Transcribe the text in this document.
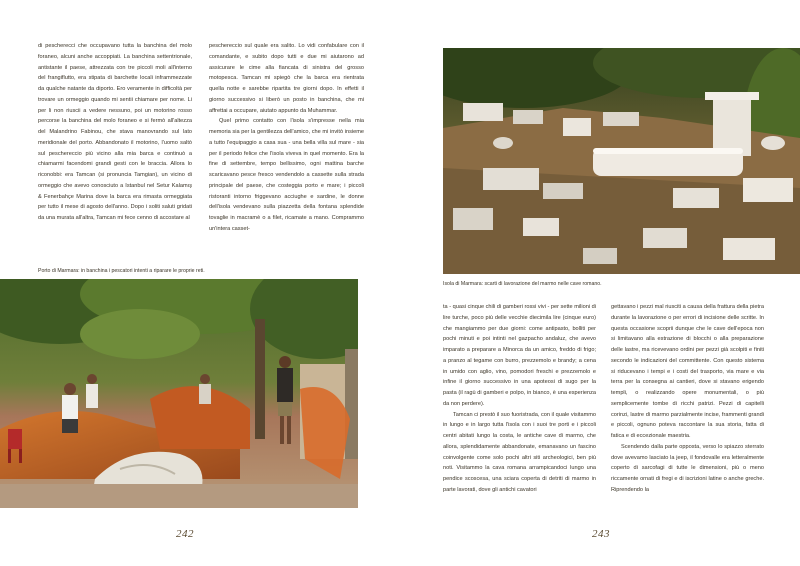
di pescherecci che occupavano tutta la banchina del molo foraneo, alcuni anche accoppiati. La banchina settentrionale, antistante il paese, attrezzata con tre piccoli moli all'interno del frangiflutto, era stipata di barchette locali inframmezzate da qualche natante da diporto. Ero veramente in difficoltà per trovare un ormeggio quando mi sentii chiamare per nome. Li per li non riuscii a vedere nessuno, poi un motorino rosso percorse la banchina del molo foraneo e si fermò all'altezza del Malandrino Fabinou, che stava manovrando sul lato meridionale del porto. Abbandonato il motorino, l'uomo saltò sul peschereccio più vicino alla mia barca e continuò a chiamarmi facendomi grandi gesti con le braccia. Allora lo riconobbi: era Tamcan (si pronuncia Tamgian), un vicino di ormeggio che avevo conosciuto a Istanbul nel Setur Kalamış & Fenerbahçe Marina dove la barca era rimasta ormeggiata per tutto il mese di agosto dell'anno. Dopo i soliti saluti gridati da una murata all'altra, Tamcan mi fece cenno di accostare al

peschereccio sul quale era salito. Lo vidi confabulare con il comandante, e subito dopo tutti e due mi aiutarono ad assicurare le cime alla fiancata di sinistra del grosso motopesca. Tamcan mi spiegò che la barca era rientrata quella notte e sarebbe ripartita tre giorni dopo. In effetti il giorno successivo si liberò un posto in banchina, che mi affrettai a occupare, aiutato appunto da Muhammar.

Quel primo contatto con l'isola s'impresse nella mia memoria sia per la gentilezza dell'amico, che mi invitò insieme a tutto l'equipaggio a casa sua - una bella villa sul mare - sia per il periodo felice che l'isola viveva in quel momento. Era la fine di settembre, tempo bellissimo, ogni mattina barche scaricavano pesce fresco vendendolo a cassette sulla strada principale del paese, che costeggia porto e mare; i piccoli ristoranti intorno friggevano acciughe e sardine, le donne dell'isola vendevano sulla piazzetta della fontana splendide tovaglie in macramè o a filet, ricamate a mano. Comprammo un'intera casset-

Porto di Marmara: in banchina i pescatori intenti a riparare le proprie reti.
242
Isola di Marmara: scarti di lavorazione del marmo nelle cave romano.

ta - quasi cinque chili di gamberi rossi vivi - per sette milioni di lire turche, poco più delle vecchie diecimila lire (cinque euro) che mangiammo per due giorni: come antipasto, bolliti per pochi minuti e poi intinti nel gazpacho andaluz, che avevo imparato a preparare a Minorca da un amico, freddo di frigo; a pranzo al tegame con burro, prezzemolo e brandy; a cena in umido con aglio, vino, pomodori freschi e prezzemolo e infine il giorno successivo in una apoteosi di sugo per la pasta (il ragù di gamberi e polpo, in bianco, è una esperienza da non perdere).

Tamcan ci prestò il suo fuoristrada, con il quale visitammo in lungo e in largo tutta l'isola con i suoi tre porti e i piccoli centri abitati lungo la costa, le antiche cave di marmo, che allora, splendidamente abbandonate, emanavano un fascino coinvolgente come solo pochi altri siti archeologici, ben più noti. Visitammo la cava romana arrampicandoci lungo una pendice scoscesa, una sciara coperta di detriti di marmo in parte lavorati, dove gli antichi cavatori

gettavano i pezzi mal riusciti a causa della frattura della pietra durante la lavorazione o per errori di incisione delle scritte. In questa occasione scoprii dunque che le cave dell'epoca non si limitavano alla estrazione di blocchi o alla preparazione delle lastre, ma ricevevano ordini per pezzi già scolpiti e finiti secondo le indicazioni del committente. Con questo sistema si riducevano i tempi e i costi del trasporto, via mare e via terra per la consegna ai cantieri, dove si stavano erigendo templi, o realizzando opere monumentali, o più semplicemente tombe di ricchi patrizi. Pezzi di capitelli corinzi, lastre di marmo parzialmente incise, frammenti grandi e piccoli, ognuno poteva raccontare la sua storia, fatta di fatica e di eccezionale maestria.

Scendendo dalla parte opposta, verso lo spiazzo sterrato dove avevamo lasciato la jeep, il fondovalle era letteralmente coperto di sarcofagi di tutte le dimensioni, più o meno riccamente ornati di fregi e di iscrizioni latine o anche greche. Riprendendo la

243
